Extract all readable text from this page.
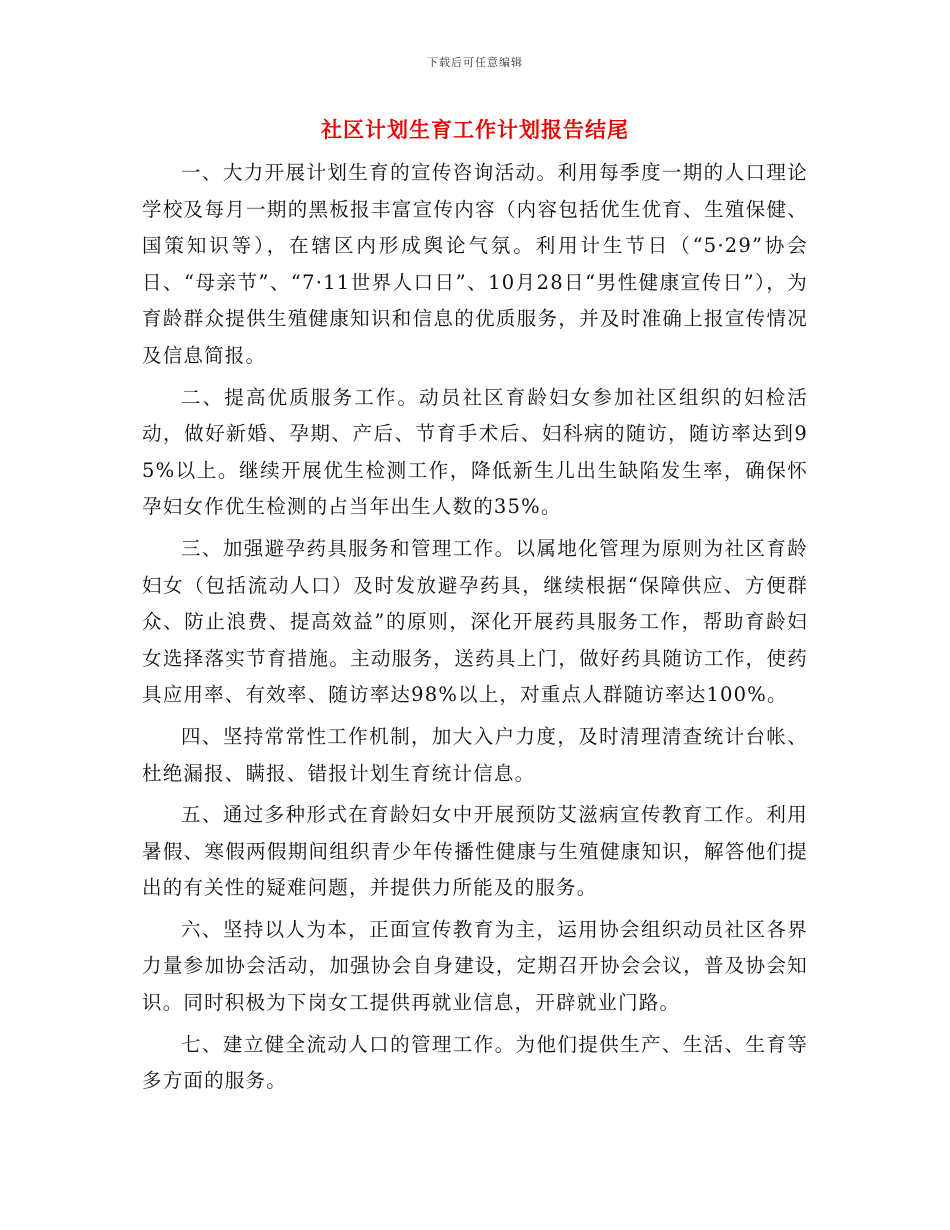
下载后可任意编辑
社区计划生育工作计划报告结尾

一、大力开展计划生育的宣传咨询活动。利用每季度一期的人口理论学校及每月一期的黑板报丰富宣传内容（内容包括优生优育、生殖保健、国策知识等），在辖区内形成舆论气氛。利用计生节日（“5·29”协会日、“母亲节”、“7·11世界人口日”、10月28日“男性健康宣传日”），为育龄群众提供生殖健康知识和信息的优质服务，并及时准确上报宣传情况及信息简报。

二、提高优质服务工作。动员社区育龄妇女参加社区组织的妇检活动，做好新婚、孕期、产后、节育手术后、妇科病的随访，随访率达到95%以上。继续开展优生检测工作，降低新生儿出生缺陷发生率，确保怀孕妇女作优生检测的占当年出生人数的35%。

三、加强避孕药具服务和管理工作。以属地化管理为原则为社区育龄妇女（包括流动人口）及时发放避孕药具，继续根据“保障供应、方便群众、防止浪费、提高效益”的原则，深化开展药具服务工作，帮助育龄妇女选择落实节育措施。主动服务，送药具上门，做好药具随访工作，使药具应用率、有效率、随访率达98%以上，对重点人群随访率达100%。

四、坚持常常性工作机制，加大入户力度，及时清理清查统计台帐、杜绝漏报、瞒报、错报计划生育统计信息。

五、通过多种形式在育龄妇女中开展预防艾滋病宣传教育工作。利用暑假、寒假两假期间组织青少年传播性健康与生殖健康知识，解答他们提出的有关性的疑难问题，并提供力所能及的服务。

六、坚持以人为本，正面宣传教育为主，运用协会组织动员社区各界力量参加协会活动，加强协会自身建设，定期召开协会会议，普及协会知识。同时积极为下岗女工提供再就业信息，开辟就业门路。

七、建立健全流动人口的管理工作。为他们提供生产、生活、生育等多方面的服务。
